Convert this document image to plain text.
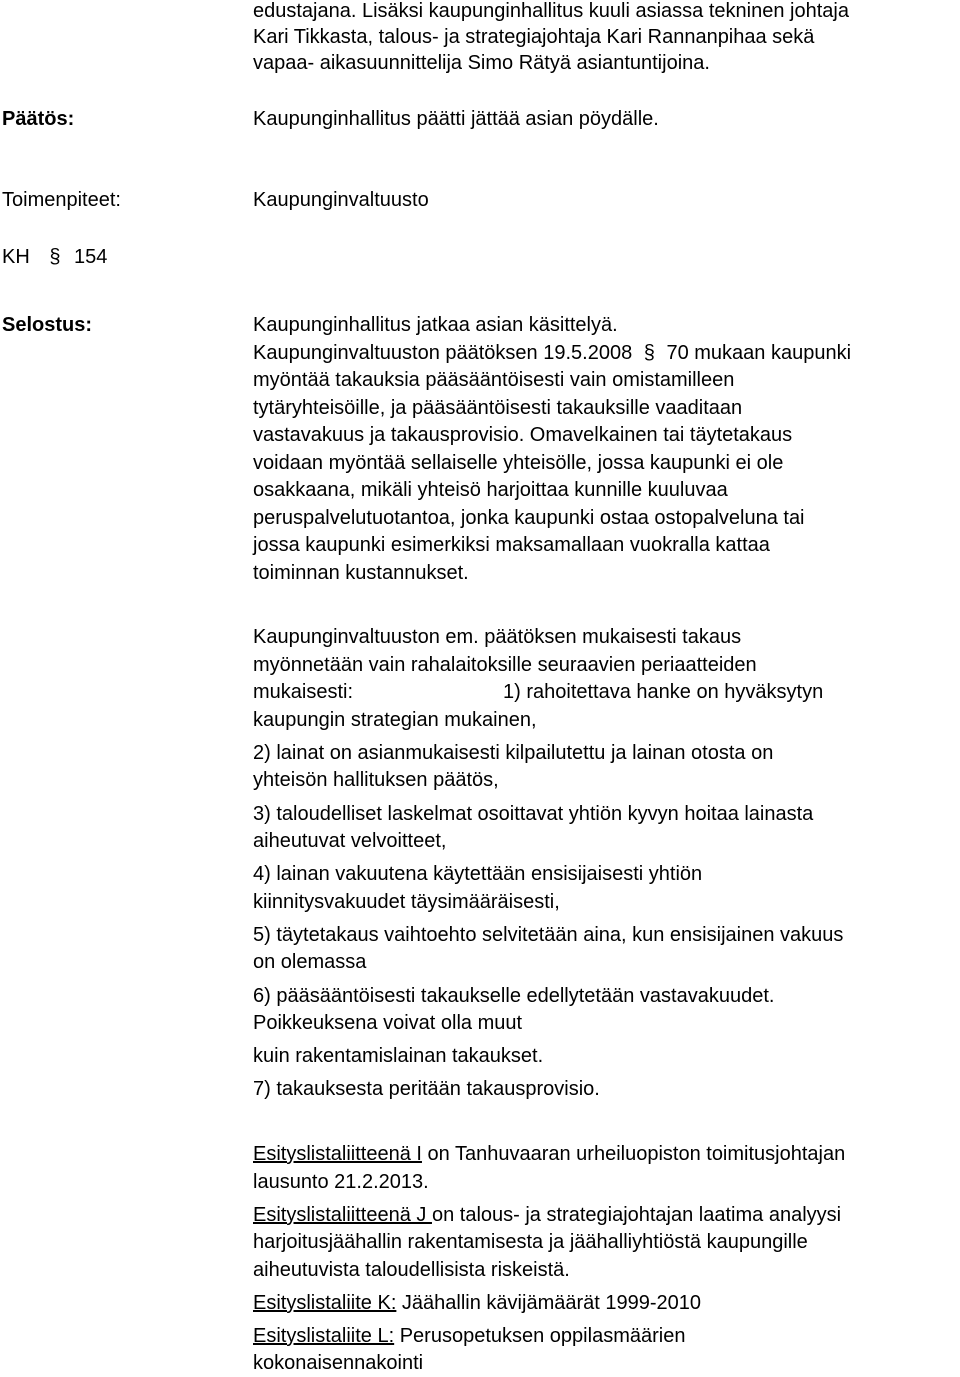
edustajana. Lisäksi kaupunginhallitus kuuli asiassa tekninen johtaja

Kari Tikkasta, talous- ja strategiajohtaja Kari Rannanpihaa sekä

vapaa- aikasuunnittelija Simo Rätyä asiantuntijoina.

Päätös:	Kaupunginhallitus päätti jättää asian pöydälle.

Toimenpiteet:	Kaupunginvaltuusto

KH § 154

Selostus:	Kaupunginhallitus jatkaa asian käsittelyä.

Kaupunginvaltuuston päätöksen 19.5.2008 § 70 mukaan kaupunki

myöntää takauksia pääsääntöisesti vain omistamilleen

tytäryhteisöille, ja pääsääntöisesti takauksille vaaditaan

vastavakuus ja takausprovisio. Omavelkainen tai täytetakaus

voidaan myöntää sellaiselle yhteisölle, jossa kaupunki ei ole

osakkaana, mikäli yhteisö harjoittaa kunnille kuuluvaa

peruspalvelutuotantoa, jonka kaupunki ostaa ostopalveluna tai

jossa kaupunki esimerkiksi maksamallaan vuokralla kattaa

toiminnan kustannukset.

Kaupunginvaltuuston em. päätöksen mukaisesti takaus

myönnetään vain rahalaitoksille seuraavien periaatteiden

mukaisesti:	1) rahoitettava hanke on hyväksytyn

kaupungin strategian mukainen,

2) lainat on asianmukaisesti kilpailutettu ja lainan otosta on

yhteisön hallituksen päätös,

3) taloudelliset laskelmat osoittavat yhtiön kyvyn hoitaa lainasta

aiheutuvat velvoitteet,

4) lainan vakuutena käytettään ensisijaisesti yhtiön

kiinnitysvakuudet täysimääräisesti,

5) täytetakaus vaihtoehto selvitetään aina, kun ensisijainen vakuus

on olemassa

6) pääsääntöisesti takaukselle edellytetään vastavakuudet.

Poikkeuksena voivat olla muut

kuin rakentamislainan takaukset.

7) takauksesta peritään takausprovisio.

Esityslistaliitteenä I on Tanhuvaaran urheiluopiston toimitusjohtajan

lausunto 21.2.2013.

Esityslistaliitteenä J on talous- ja strategiajohtajan laatima analyysi

harjoitusjäähallin rakentamisesta ja jäähalliyhtiöstä kaupungille

aiheutuvista taloudellisista riskeistä.

Esityslistaliite K: Jäähallin kävijämäärät 1999-2010

Esityslistaliite L: Perusopetuksen oppilasmäärien

kokonaisennakointi
